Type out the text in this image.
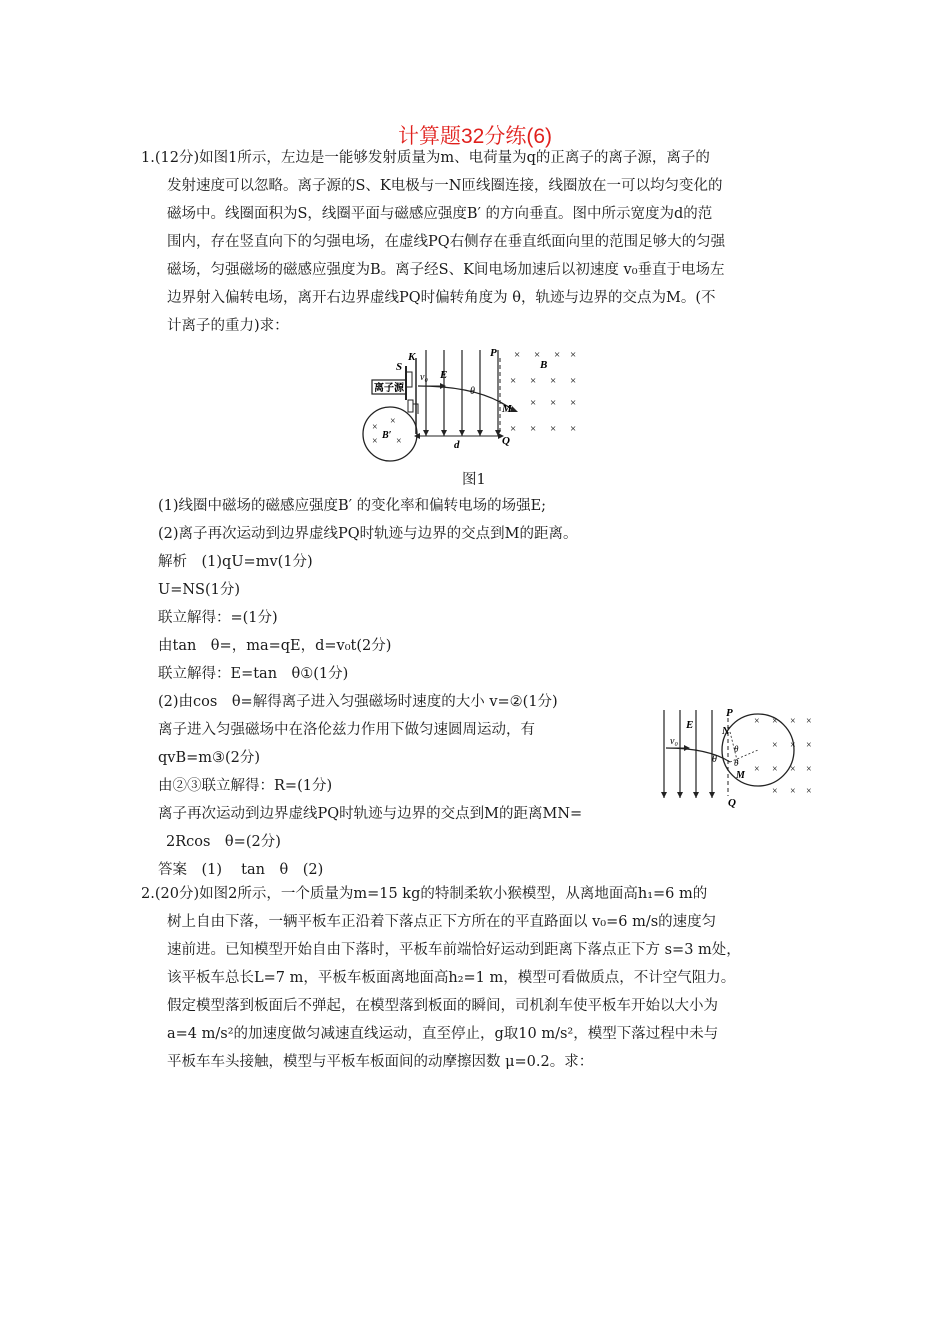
计算题32分练(6)
1.(12分)如图1所示，左边是一能够发射质量为m、电荷量为q的正离子的离子源，离子的
发射速度可以忽略。离子源的S、K电极与一N匝线圈连接，线圈放在一可以均匀变化的
磁场中。线圈面积为S，线圈平面与磁感应强度B′ 的方向垂直。图中所示宽度为d的范
围内，存在竖直向下的匀强电场，在虚线PQ右侧存在垂直纸面向里的范围足够大的匀强
磁场，匀强磁场的磁感应强度为B。离子经S、K间电场加速后以初速度 v₀垂直于电场左
边界射入偏转电场，离开右边界虚线PQ时偏转角度为 θ，轨迹与边界的交点为M。(不
计离子的重力)求：
×
×
× ×
B′
离子源
S
K
v₀ E
P
Q
θ
M
d
× × × ×
× × × ×
× × ×
× × × ×
B
图1
(1)线圈中磁场的磁感应强度B′ 的变化率和偏转电场的场强E;
(2)离子再次运动到边界虚线PQ时轨迹与边界的交点到M的距离。
解析　(1)qU=mv(1分)
U=NS(1分)
联立解得：=(1分)
由tan　θ=，ma=qE，d=v₀t(2分)
联立解得：E=tan　θ①(1分)
(2)由cos　θ=解得离子进入匀强磁场时速度的大小 v=②(1分)
离子进入匀强磁场中在洛伦兹力作用下做匀速圆周运动，有
qvB=m③(2分)
由②③联立解得：R=(1分)
离子再次运动到边界虚线PQ时轨迹与边界的交点到M的距离MN=
2Rcos　θ=(2分)
答案　(1)　 tan　θ　(2)
E
v₀
P
N
Q
θ
θ
θ
M
× × × ×
× × ×
× × × ×
× × ×
2.(20分)如图2所示，一个质量为m=15 kg的特制柔软小猴模型，从离地面高h₁=6 m的
树上自由下落，一辆平板车正沿着下落点正下方所在的平直路面以 v₀=6 m/s的速度匀
速前进。已知模型开始自由下落时，平板车前端恰好运动到距离下落点正下方 s=3 m处，
该平板车总长L=7 m，平板车板面离地面高h₂=1 m，模型可看做质点，不计空气阻力。
假定模型落到板面后不弹起，在模型落到板面的瞬间，司机刹车使平板车开始以大小为
a=4 m/s²的加速度做匀减速直线运动，直至停止，g取10 m/s²，模型下落过程中未与
平板车车头接触，模型与平板车板面间的动摩擦因数 μ=0.2。求：
